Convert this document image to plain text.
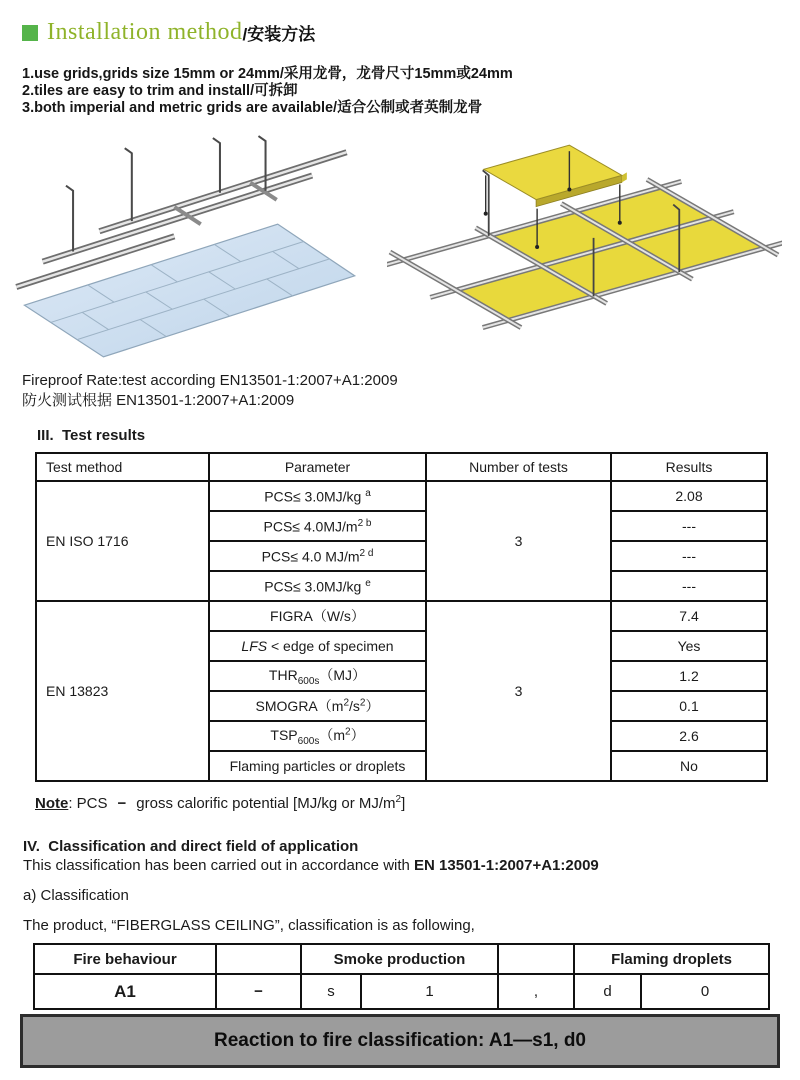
Installation method /安装方法
1.use grids,grids size 15mm or 24mm/采用龙骨，龙骨尺寸15mm或24mm
2.tiles are easy to trim and install/可拆卸
3.both imperial and metric grids are available/适合公制或者英制龙骨
Fireproof Rate:test according EN13501-1:2007+A1:2009
防火测试根据 EN13501-1:2007+A1:2009
III.  Test results
Test method	Parameter	Number of tests	Results
EN ISO 1716	PCS≤ 3.0MJ/kg $^a$	3	2.08
	$PCS\le 4.0MJ/m^{2 b}$		---
	PCS≤ 4.0 $MJ/m^{2 d}$		---
	PCS≤ 3.0MJ/kg $^e$		---
EN 13823	FIGRA（W/s）	3	7.4
	LFS < edge of specimen		Yes
	$THR_{600s}(MJ)$		1.2
	$SMOGRA(m^2/s^2)$		0.1
	$TSP_{600s}(m^2)$		2.6
	Flaming particles or droplets		No
Note: PCS − gross calorific potential [MJ/kg or $MJ/m^2$]
IV.  Classification and direct field of application
This classification has been carried out in accordance with EN 13501-1:2007+A1:2009
a) Classification
The product, “FIBERGLASS CEILING”, classification is as following,
Fire behaviour		Smoke production			Flaming droplets	
A1	−	s	1	,	d	0
Reaction to fire classification: A1—s1, d0
